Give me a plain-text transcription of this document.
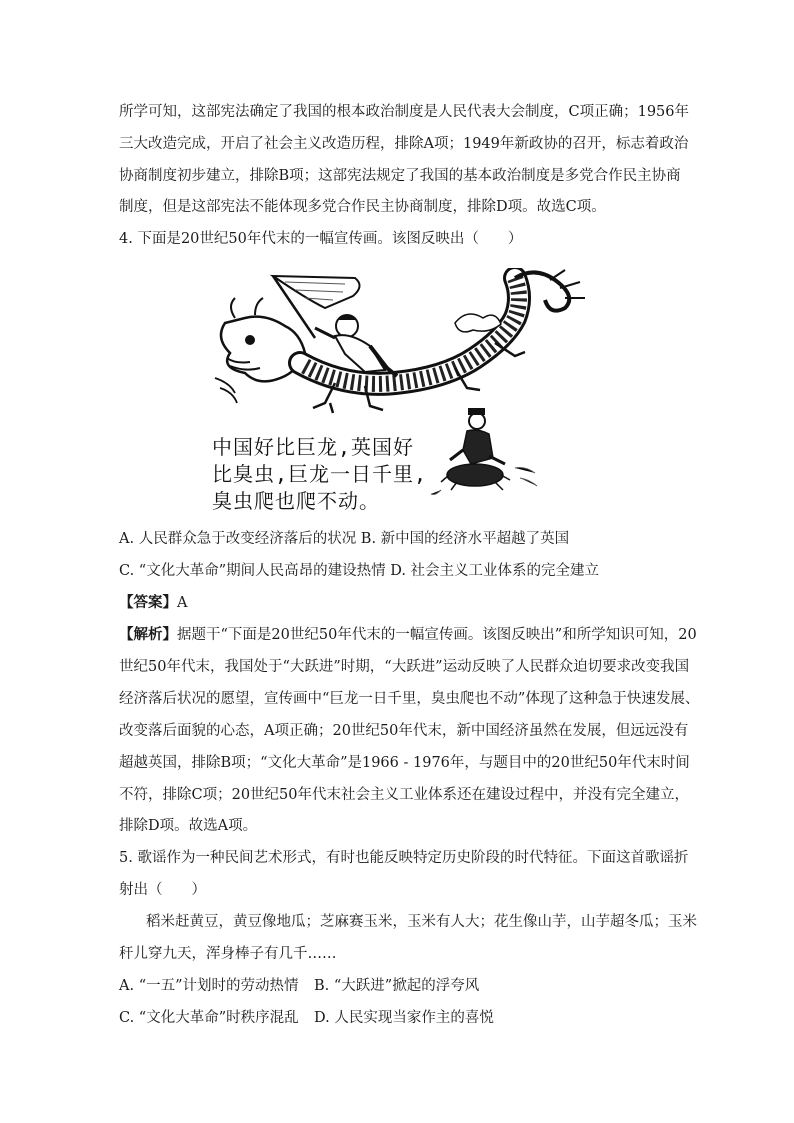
所学可知，这部宪法确定了我国的根本政治制度是人民代表大会制度，C项正确；1956年
三大改造完成，开启了社会主义改造历程，排除A项；1949年新政协的召开，标志着政治
协商制度初步建立，排除B项；这部宪法规定了我国的基本政治制度是多党合作民主协商
制度，但是这部宪法不能体现多党合作民主协商制度，排除D项。故选C项。
4. 下面是20世纪50年代末的一幅宣传画。该图反映出（　　）
中国好比巨龙,英国好
比臭虫,巨龙一日千里,
臭虫爬也爬不动。
A. 人民群众急于改变经济落后的状况 B. 新中国的经济水平超越了英国
C. “文化大革命”期间人民高昂的建设热情 D. 社会主义工业体系的完全建立
【答案】A
【解析】据题干“下面是20世纪50年代末的一幅宣传画。该图反映出”和所学知识可知，20
世纪50年代末，我国处于“大跃进”时期，“大跃进”运动反映了人民群众迫切要求改变我国
经济落后状况的愿望，宣传画中“巨龙一日千里，臭虫爬也不动”体现了这种急于快速发展、
改变落后面貌的心态，A项正确；20世纪50年代末，新中国经济虽然在发展，但远远没有
超越英国，排除B项；“文化大革命”是1966 - 1976年，与题目中的20世纪50年代末时间
不符，排除C项；20世纪50年代末社会主义工业体系还在建设过程中，并没有完全建立，
排除D项。故选A项。
5. 歌谣作为一种民间艺术形式，有时也能反映特定历史阶段的时代特征。下面这首歌谣折
射出（　　）
稻米赶黄豆，黄豆像地瓜；芝麻赛玉米，玉米有人大；花生像山芋，山芋超冬瓜；玉米
秆儿穿九天，浑身棒子有几千……
A. “一五”计划时的劳动热情 B. “大跃进”掀起的浮夸风
C. “文化大革命”时秩序混乱 D. 人民实现当家作主的喜悦
